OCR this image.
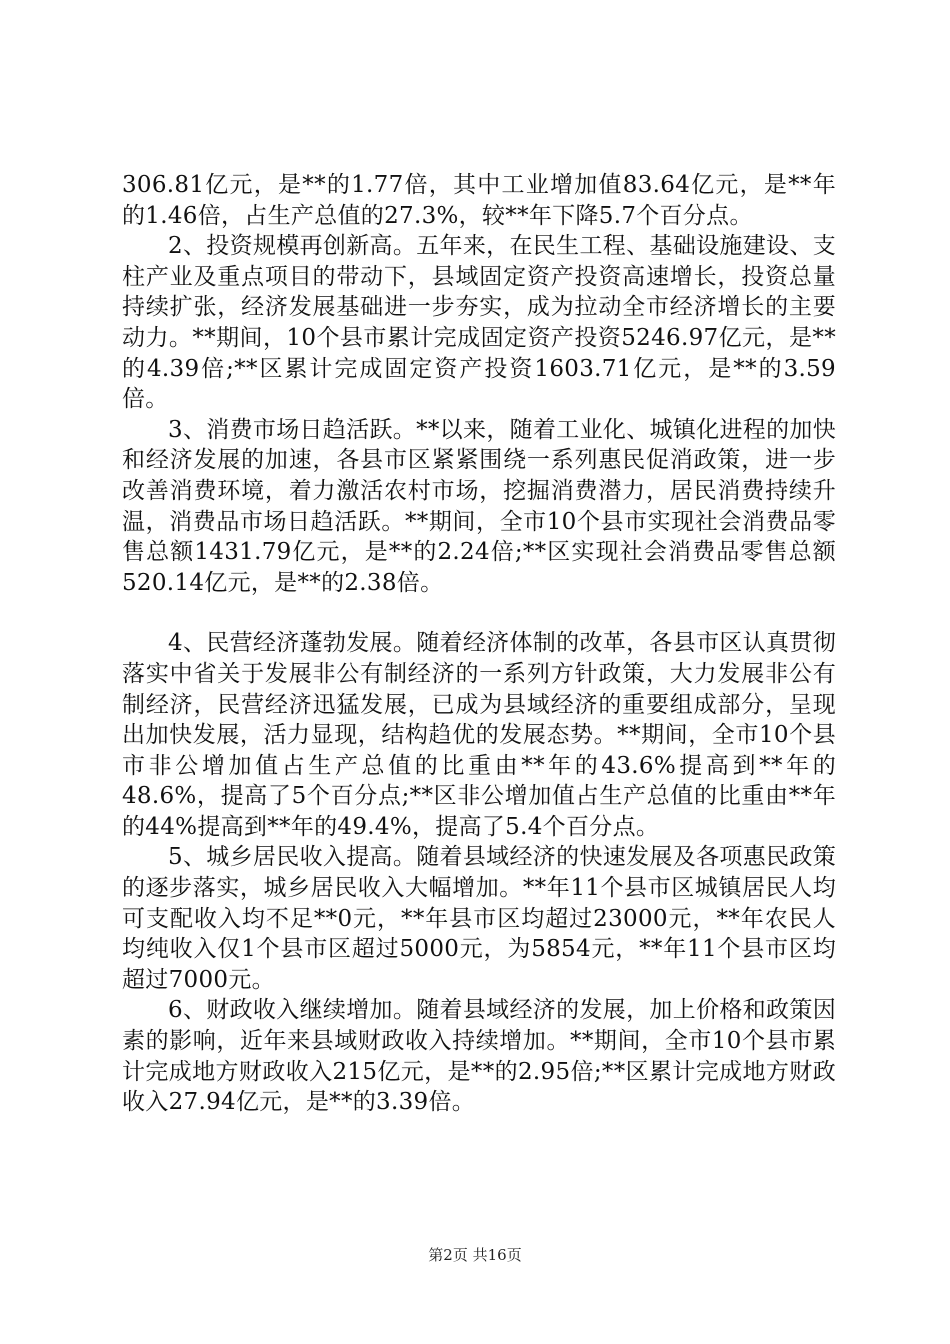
306.81亿元，是**的1.77倍，其中工业增加值83.64亿元，是**年的1.46倍，占生产总值的27.3%，较**年下降5.7个百分点。

2、投资规模再创新高。五年来，在民生工程、基础设施建设、支柱产业及重点项目的带动下，县域固定资产投资高速增长，投资总量持续扩张，经济发展基础进一步夯实，成为拉动全市经济增长的主要动力。**期间，10个县市累计完成固定资产投资5246.97亿元，是**的4.39倍;**区累计完成固定资产投资1603.71亿元，是**的3.59倍。

3、消费市场日趋活跃。**以来，随着工业化、城镇化进程的加快和经济发展的加速，各县市区紧紧围绕一系列惠民促消政策，进一步改善消费环境，着力激活农村市场，挖掘消费潜力，居民消费持续升温，消费品市场日趋活跃。**期间，全市10个县市实现社会消费品零售总额1431.79亿元，是**的2.24倍;**区实现社会消费品零售总额520.14亿元，是**的2.38倍。

4、民营经济蓬勃发展。随着经济体制的改革，各县市区认真贯彻落实中省关于发展非公有制经济的一系列方针政策，大力发展非公有制经济，民营经济迅猛发展，已成为县域经济的重要组成部分，呈现出加快发展，活力显现，结构趋优的发展态势。**期间，全市10个县市非公增加值占生产总值的比重由**年的43.6%提高到**年的48.6%，提高了5个百分点;**区非公增加值占生产总值的比重由**年的44%提高到**年的49.4%，提高了5.4个百分点。

5、城乡居民收入提高。随着县域经济的快速发展及各项惠民政策的逐步落实，城乡居民收入大幅增加。**年11个县市区城镇居民人均可支配收入均不足**0元，**年县市区均超过23000元，**年农民人均纯收入仅1个县市区超过5000元，为5854元，**年11个县市区均超过7000元。

6、财政收入继续增加。随着县域经济的发展，加上价格和政策因素的影响，近年来县域财政收入持续增加。**期间，全市10个县市累计完成地方财政收入215亿元，是**的2.95倍;**区累计完成地方财政收入27.94亿元，是**的3.39倍。

第2页 共16页
